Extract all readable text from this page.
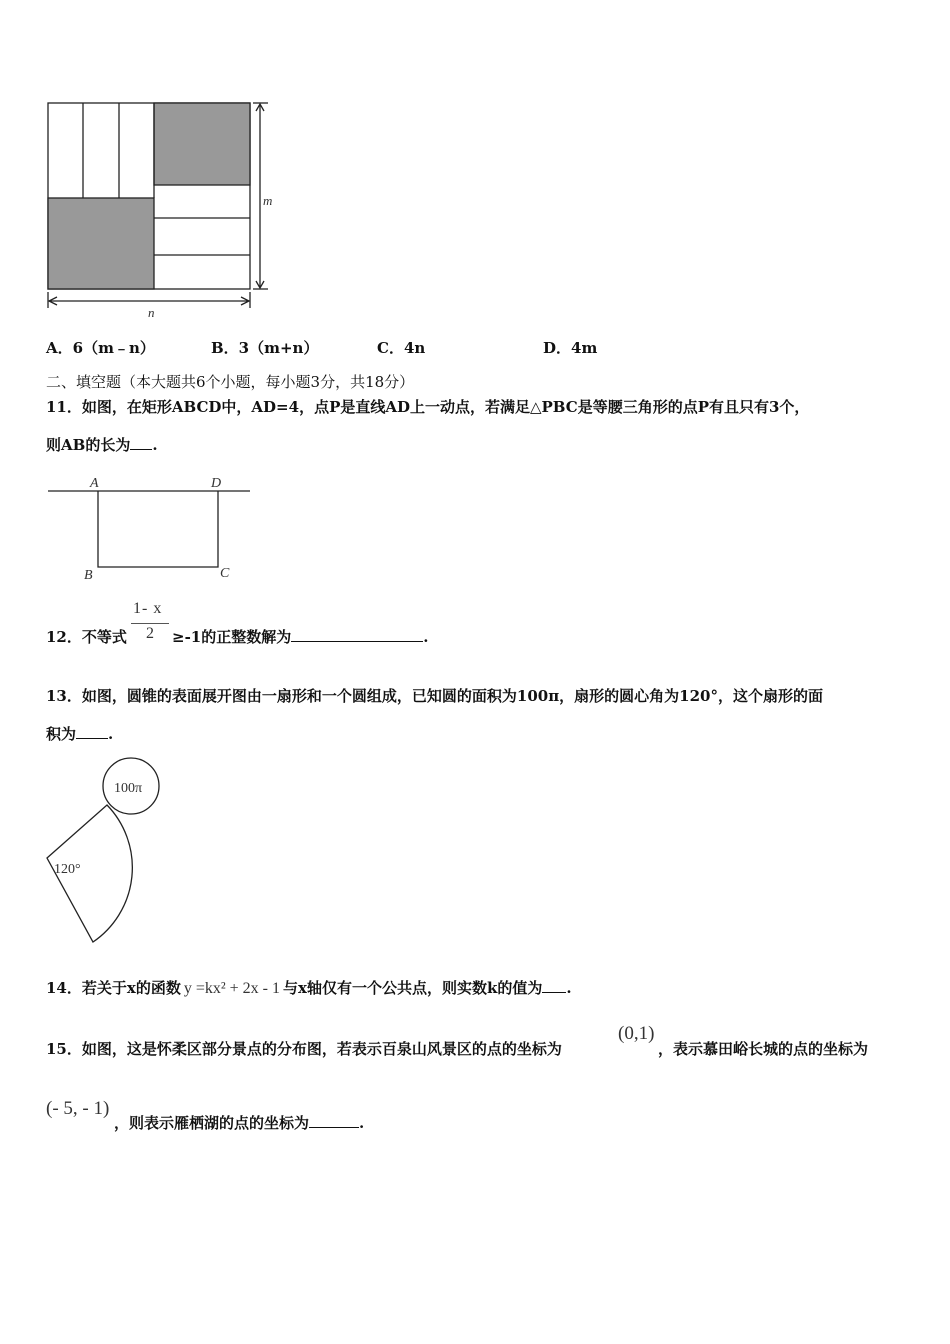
m
n
A．6（m﹣n）	B．3（m+n）	C．4n	D．4m
二、填空题（本大题共6个小题，每小题3分，共18分）
11．如图，在矩形ABCD中，AD=4，点P是直线AD上一动点，若满足△PBC是等腰三角形的点P有且只有3个，
则AB的长为 .
A	D
B	C
12．不等式
1- x
2 ≥-1的正整数解为	.
13．如图，圆锥的表面展开图由一扇形和一个圆组成，已知圆的面积为100π，扇形的圆心角为120°，这个扇形的面
积为 .
100π
120°
14．若关于x的函数 y =kx² + 2x - 1 与x轴仅有一个公共点，则实数k的值为 .
15．如图，这是怀柔区部分景点的分布图，若表示百泉山风景区的点的坐标为
(0,1)
，表示慕田峪长城的点的坐标为
(- 5, - 1)
，则表示雁栖湖的点的坐标为	.
